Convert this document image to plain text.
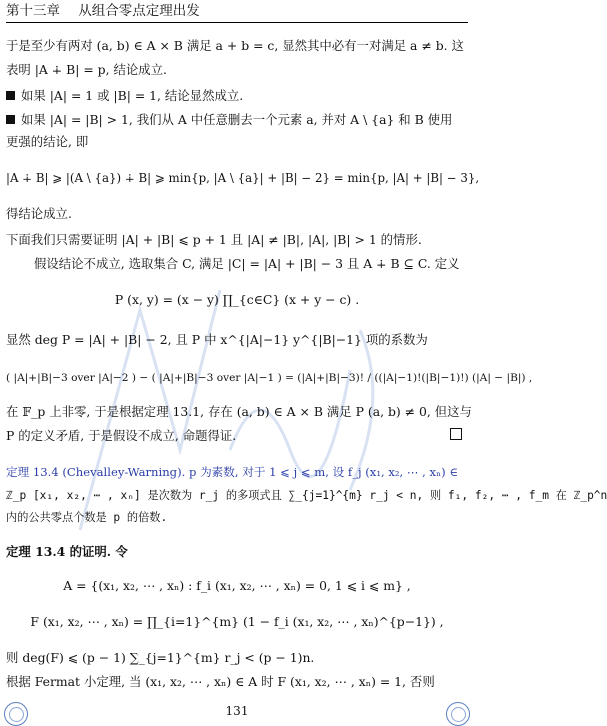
第十三章 从组合零点定理出发
于是至少有两对 (a, b) ∈ A × B 满足 a + b = c, 显然其中必有一对满足 a ≠ b. 这
表明 |A ∔ B| = p, 结论成立.
如果 |A| = 1 或 |B| = 1, 结论显然成立.
如果 |A| = |B| > 1, 我们从 A 中任意删去一个元素 a, 并对 A \ {a} 和 B 使用
更强的结论, 即
|A ∔ B| ⩾ |(A \ {a}) ∔ B| ⩾ min{p, |A \ {a}| + |B| − 2} = min{p, |A| + |B| − 3},
得结论成立.
下面我们只需要证明 |A| + |B| ⩽ p + 1 且 |A| ≠ |B|, |A|, |B| > 1 的情形.
假设结论不成立, 选取集合 C, 满足 |C| = |A| + |B| − 3 且 A ∔ B ⊆ C. 定义
P (x, y) = (x − y) ∏_{c∈C} (x + y − c) .
显然 deg P = |A| + |B| − 2, 且 P 中 x^{|A|−1} y^{|B|−1} 项的系数为
( |A|+|B|−3 over |A|−2 ) − ( |A|+|B|−3 over |A|−1 ) = (|A|+|B|−3)! / ((|A|−1)!(|B|−1)!) (|A| − |B|) ,
在 𝔽_p 上非零, 于是根据定理 13.1, 存在 (a, b) ∈ A × B 满足 P (a, b) ≠ 0, 但这与
P 的定义矛盾, 于是假设不成立, 命题得证.
定理 13.4 (Chevalley-Warning). p 为素数, 对于 1 ⩽ j ⩽ m, 设 f_j (x₁, x₂, ⋯ , xₙ) ∈
ℤ_p [x₁, x₂, ⋯ , xₙ] 是次数为 r_j 的多项式且 ∑_{j=1}^{m} r_j < n, 则 f₁, f₂, ⋯ , f_m 在 ℤ_p^n
内的公共零点个数是 p 的倍数.
定理 13.4 的证明. 令
A = {(x₁, x₂, ⋯ , xₙ) : f_i (x₁, x₂, ⋯ , xₙ) = 0, 1 ⩽ i ⩽ m} ,
F (x₁, x₂, ⋯ , xₙ) = ∏_{i=1}^{m} (1 − f_i (x₁, x₂, ⋯ , xₙ)^{p−1}) ,
则 deg(F) ⩽ (p − 1) ∑_{j=1}^{m} r_j < (p − 1)n.
根据 Fermat 小定理, 当 (x₁, x₂, ⋯ , xₙ) ∈ A 时 F (x₁, x₂, ⋯ , xₙ) = 1, 否则
131
